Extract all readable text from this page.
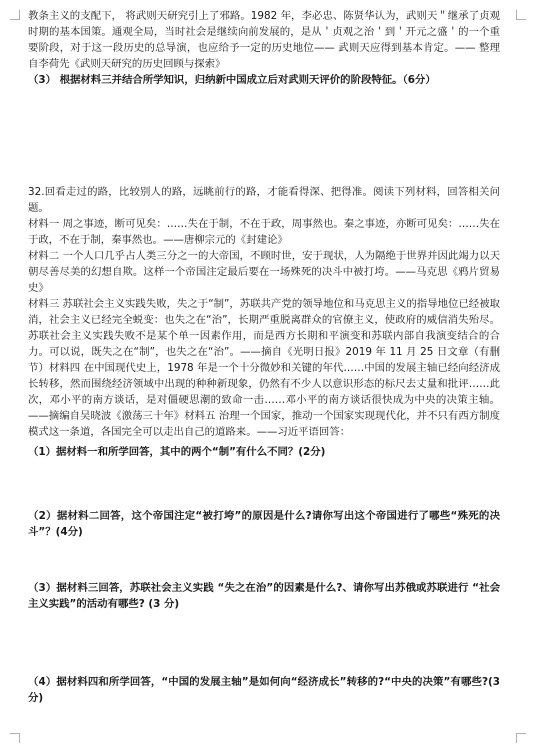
教条主义的支配下， 将武则天研究引上了邪路。1982 年，李必忠、陈贤华认为，武则天＂继承了贞观时期的基本国策。通观全局，当时社会是继续向前发展的，是从＇贞观之治＇到＇开元之盛＇的一个重要阶段，对于这一段历史的总导演，也应给予一定的历史地位—— 武则天应得到基本肯定。—— 整理自李荷先《武则天研究的历史回顾与探索》

（3） 根据材料三并结合所学知识，归纳新中国成立后对武则天评价的阶段特征。（6分）

32.回看走过的路，比较别人的路，远眺前行的路，才能看得深、把得准。阅读下列材料，回答相关问题。

材料一 周之事迹，断可见矣：……失在于制，不在于政，周事然也。秦之事迹，亦断可见矣：……失在于政，不在于制，秦事然也。——唐柳宗元的《封建论》

材料二 一个人口几乎占人类三分之一的大帝国，不顾时世，安于现状，人为隔绝于世界并因此竭力以天朝尽善尽美的幻想自欺。这样一个帝国注定最后要在一场殊死的决斗中被打垮。——马克思《鸦片贸易史》

材料三 苏联社会主义实践失败，失之于“制”，苏联共产党的领导地位和马克思主义的指导地位已经被取消，社会主义已经完全蜕变：也失之在“治”，长期严重脱离群众的官僚主义，使政府的威信消失殆尽。苏联社会主义实践失败不是某个单一因素作用，而是西方长期和平演变和苏联内部自我演变结合的合力。可以说，既失之在“制”，也失之在“治”。——摘自《光明日报》2019 年 11 月 25 日文章（有删节）材料四 在中国现代史上，1978 年是一个十分微妙和关键的年代……中国的发展主轴已经向经济成长转移，然而围绕经济领域中出现的种种新现象，仍然有不少人以意识形态的标尺去丈量和批评……此次，邓小平的南方谈话，是对僵硬思潮的致命一击……邓小平的南方谈话很快成为中央的决策主轴。——摘编自吴晓波《激荡三十年》材料五 治理一个国家，推动一个国家实现现代化，并不只有西方制度模式这一条道，各国完全可以走出自己的道路来。——习近平语回答：

（1）据材料一和所学回答，其中的两个“制”有什么不同？(2分)

（2）据材料二回答，这个帝国注定“被打垮”的原因是什么?请你写出这个帝国进行了哪些“殊死的决斗”？(4分)

（3）据材料三回答，苏联社会主义实践 “失之在治”的因素是什么?、请你写出苏俄或苏联进行 “社会主义实践”的活动有哪些? (3 分)

（4）据材料四和所学回答，“中国的发展主轴”是如何向“经济成长”转移的?“中央的决策”有哪些?(3分)
